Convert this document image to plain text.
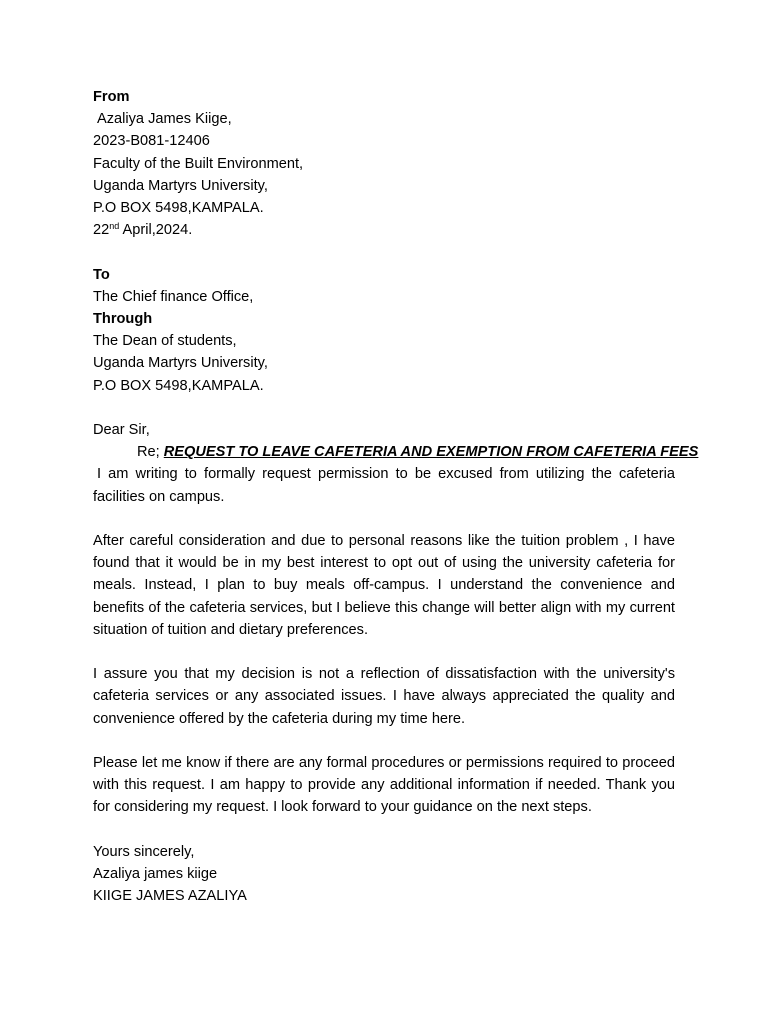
From
Azaliya James Kiige,
2023-B081-12406
Faculty of the Built Environment,
Uganda Martyrs University,
P.O BOX 5498,KAMPALA.
22nd April,2024.
To
The Chief finance Office,
Through
The Dean of students,
Uganda Martyrs University,
P.O BOX 5498,KAMPALA.
Dear Sir,
Re; REQUEST TO LEAVE CAFETERIA AND EXEMPTION FROM CAFETERIA FEES

I am writing to formally request permission to be excused from utilizing the cafeteria facilities on campus.

After careful consideration and due to personal reasons like the tuition problem , I have found that it would be in my best interest to opt out of using the university cafeteria for meals. Instead, I plan to buy meals off-campus. I understand the convenience and benefits of the cafeteria services, but I believe this change will better align with my current situation of tuition and dietary preferences.

I assure you that my decision is not a reflection of dissatisfaction with the university's cafeteria services or any associated issues. I have always appreciated the quality and convenience offered by the cafeteria during my time here.

Please let me know if there are any formal procedures or permissions required to proceed with this request. I am happy to provide any additional information if needed. Thank you for considering my request. I look forward to your guidance on the next steps.

Yours sincerely,
Azaliya james kiige
KIIGE JAMES AZALIYA
